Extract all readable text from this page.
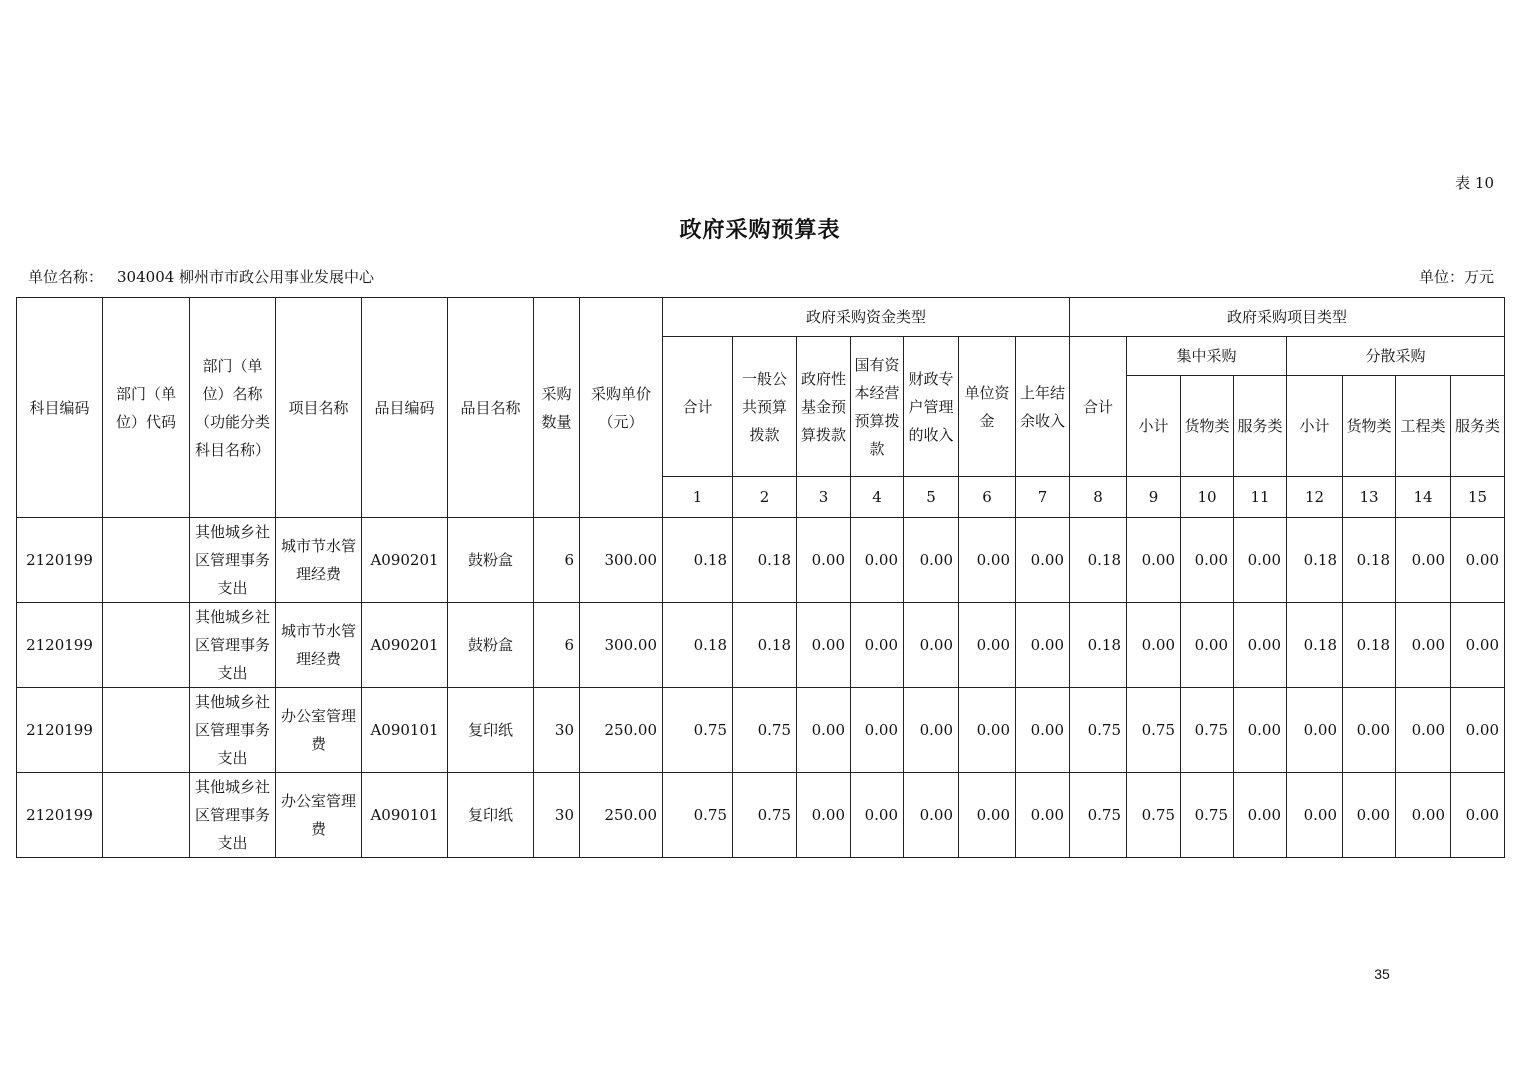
表 10
政府采购预算表
单位名称： 304004 柳州市市政公用事业发展中心	单位：万元
科目编码	部门（单位）代码	部门（单位）名称（功能分类科目名称）	项目名称	品目编码	品目名称	采购数量	采购单价（元）	政府采购资金类型							政府采购项目类型							
								合计	一般公共预算拨款	政府性基金预算拨款	国有资本经营预算拨款	财政专户管理的收入	单位资金	上年结余收入	合计	集中采购			分散采购			
																小计	货物类	服务类	小计	货物类	工程类	服务类
								1	2	3	4	5	6	7	8	9	10	11	12	13	14	15
2120199		其他城乡社区管理事务支出	城市节水管理经费	A090201	鼓粉盒	6	300.00	0.18	0.18	0.00	0.00	0.00	0.00	0.00	0.18	0.00	0.00	0.00	0.18	0.18	0.00	0.00
2120199		其他城乡社区管理事务支出	城市节水管理经费	A090201	鼓粉盒	6	300.00	0.18	0.18	0.00	0.00	0.00	0.00	0.00	0.18	0.00	0.00	0.00	0.18	0.18	0.00	0.00
2120199		其他城乡社区管理事务支出	办公室管理费	A090101	复印纸	30	250.00	0.75	0.75	0.00	0.00	0.00	0.00	0.00	0.75	0.75	0.75	0.00	0.00	0.00	0.00	0.00
2120199		其他城乡社区管理事务支出	办公室管理费	A090101	复印纸	30	250.00	0.75	0.75	0.00	0.00	0.00	0.00	0.00	0.75	0.75	0.75	0.00	0.00	0.00	0.00	0.00
35
